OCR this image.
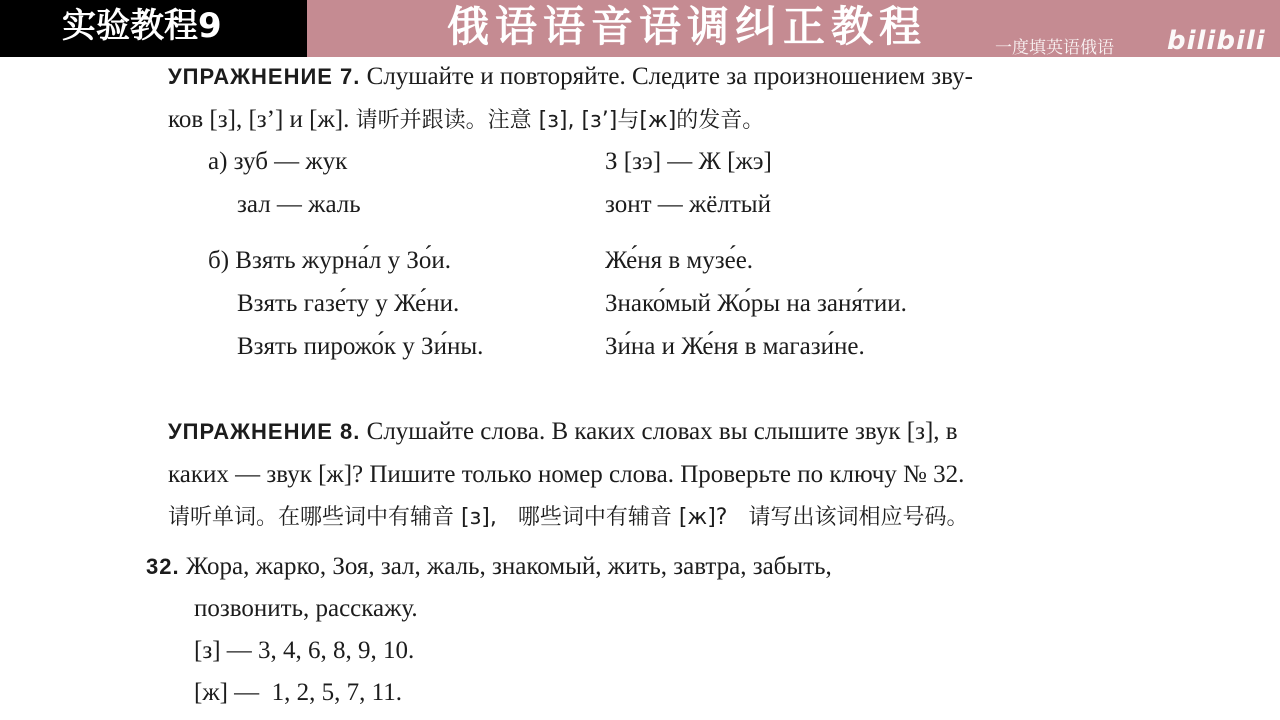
实验教程9	俄语语音语调纠正教程	一度填英语俄语 bilibili
УПРАЖНЕНИЕ 7. Слушайте и повторяйте. Следите за произношением зву-
ков [з], [з’] и [ж]. 请听并跟读。注意 [з], [з’]与[ж]的发音。
а) зуб — жук	З [зэ] — Ж [жэ]
зал — жаль	зонт — жёлтый
б) Взять журна́л у Зо́и.	Же́ня в музе́е.
Взять газе́ту у Же́ни.	Знако́мый Жо́ры на заня́тии.
Взять пирожо́к у Зи́ны.	Зи́на и Же́ня в магази́не.
УПРАЖНЕНИЕ 8. Слушайте слова. В каких словах вы слышите звук [з], в
каких — звук [ж]? Пишите только номер слова. Проверьте по ключу № 32.
请听单词。在哪些词中有辅音 [з],   哪些词中有辅音 [ж]?   请写出该词相应号码。
32. Жора, жарко, Зоя, зал, жаль, знакомый, жить, завтра, забыть,
позвонить, расскажу.
[з] — 3, 4, 6, 8, 9, 10.
[ж] —  1, 2, 5, 7, 11.
